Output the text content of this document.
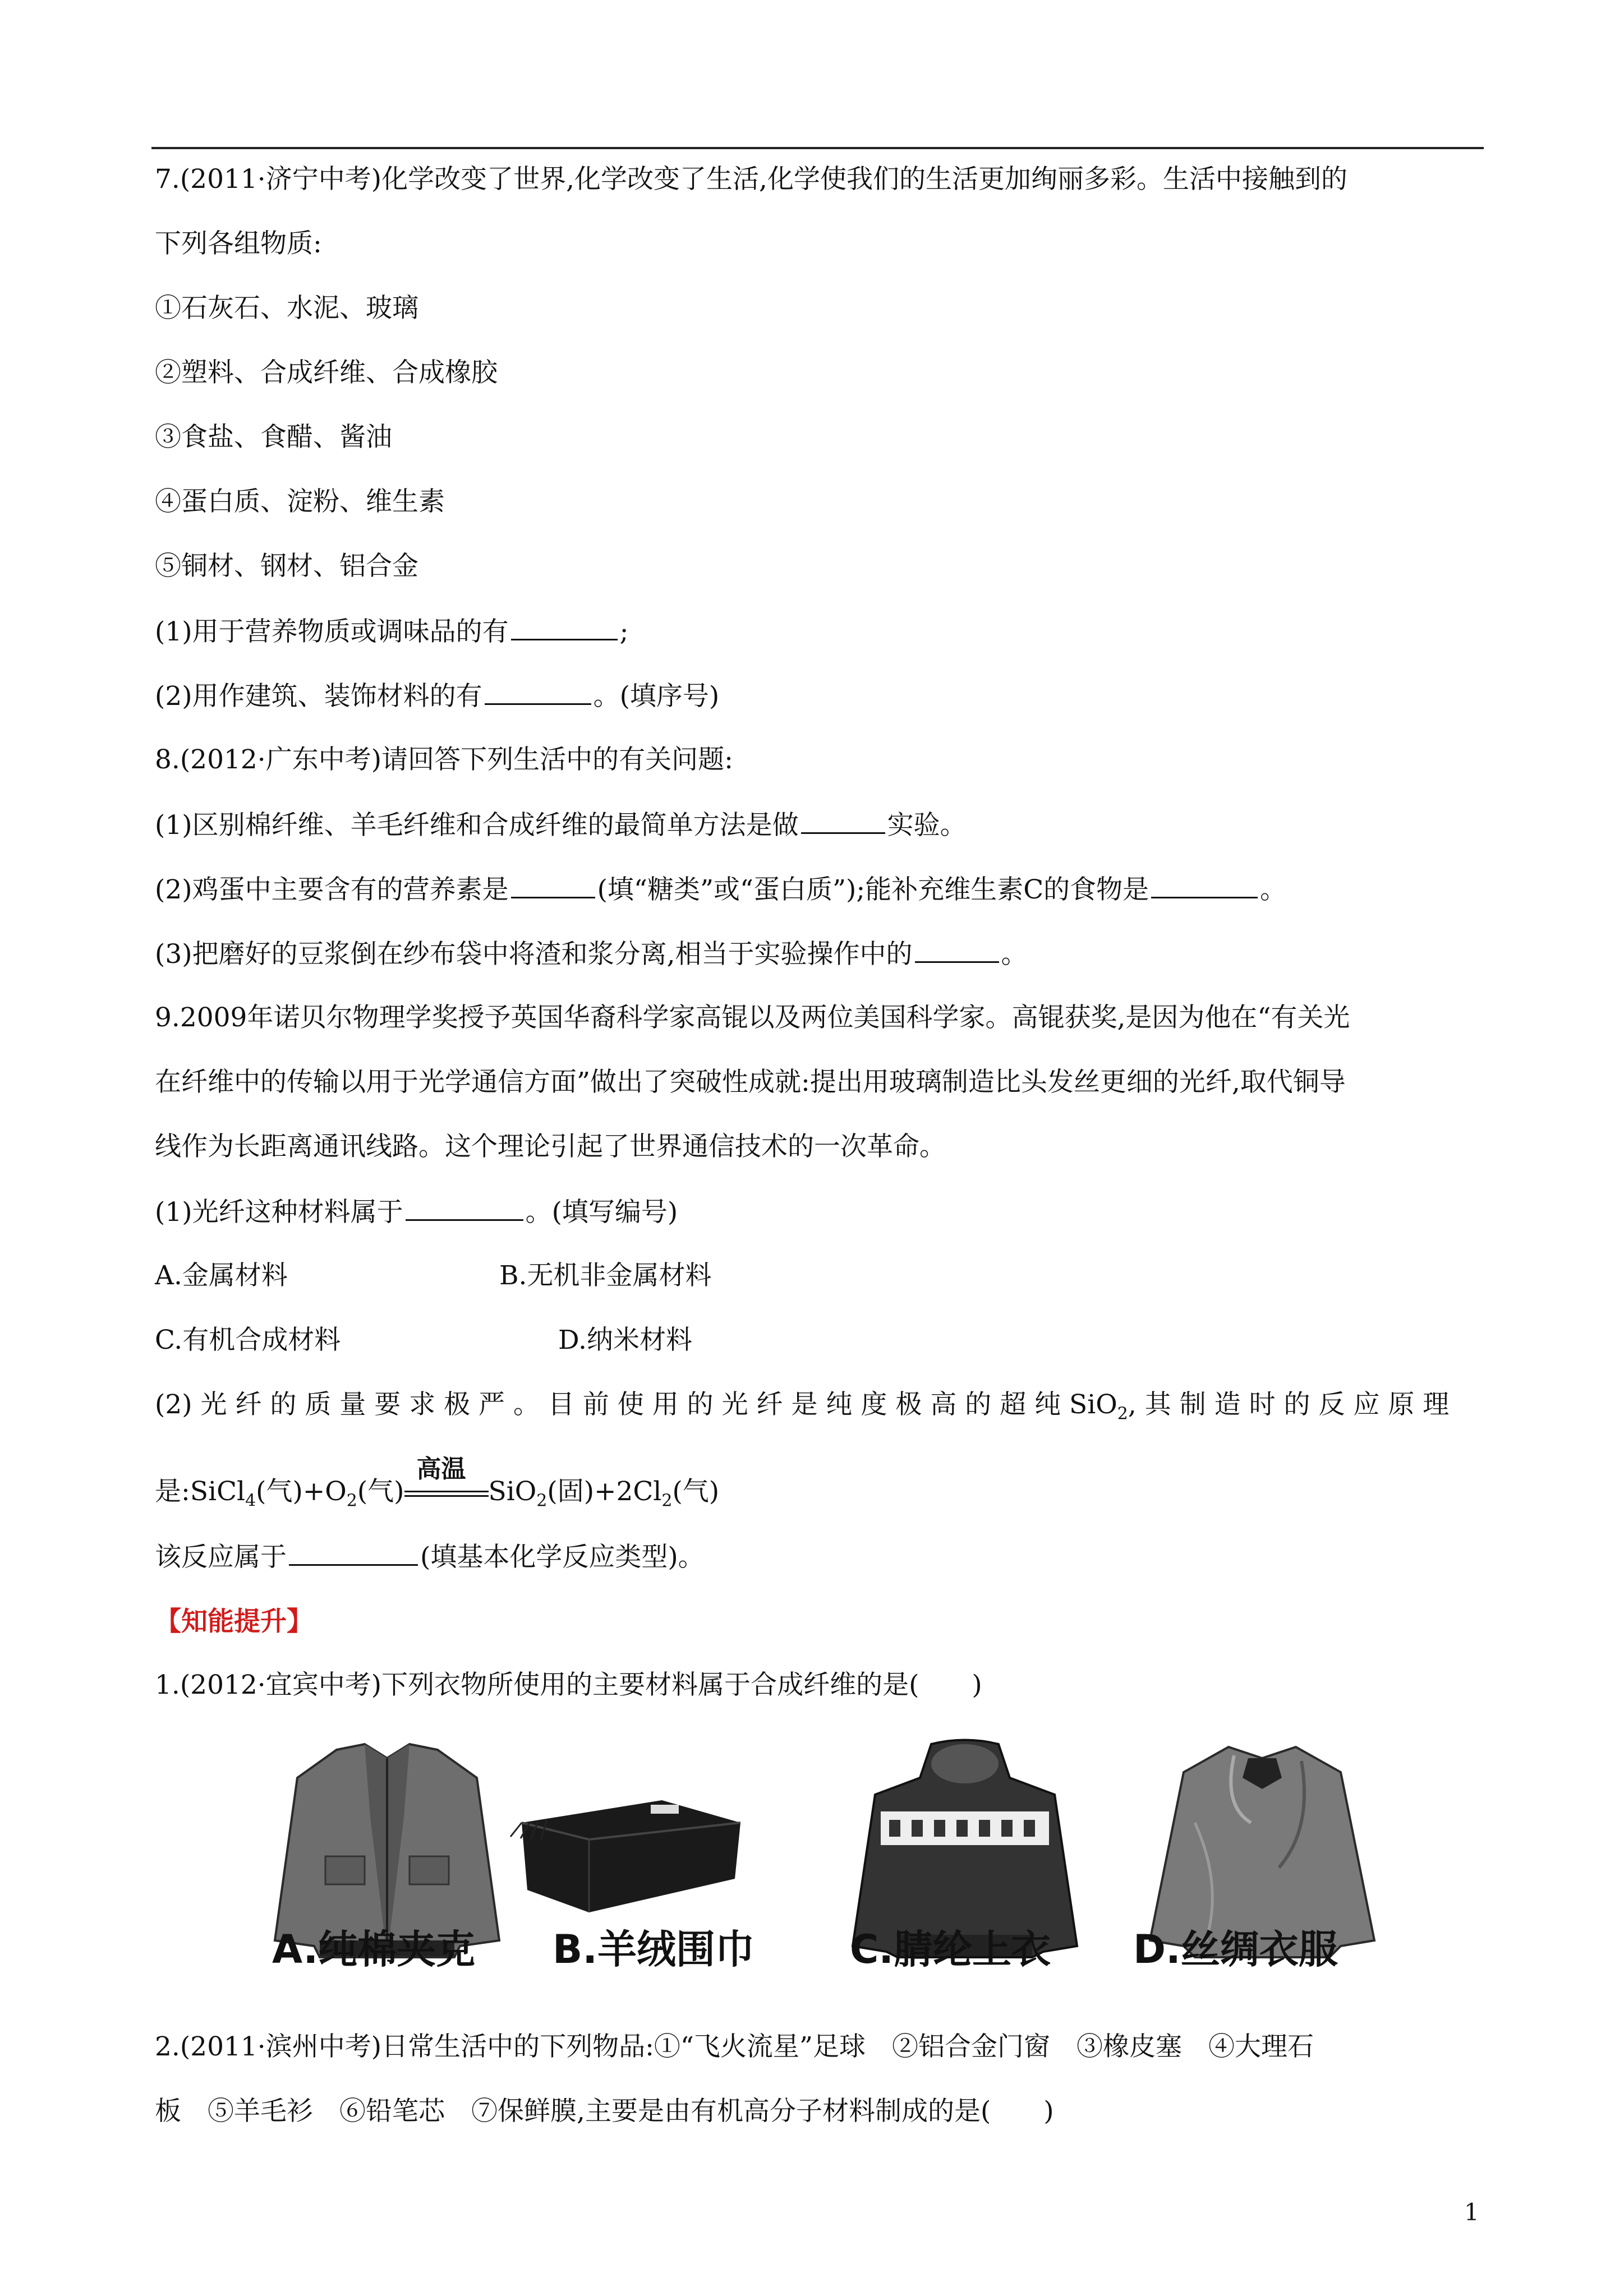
7.(2011·济宁中考)化学改变了世界,化学改变了生活,化学使我们的生活更加绚丽多彩。生活中接触到的
下列各组物质:
①石灰石、水泥、玻璃
②塑料、合成纤维、合成橡胶
③食盐、食醋、酱油
④蛋白质、淀粉、维生素
⑤铜材、钢材、铝合金
(1)用于营养物质或调味品的有	;
(2)用作建筑、装饰材料的有	。(填序号)
8.(2012·广东中考)请回答下列生活中的有关问题:
(1)区别棉纤维、羊毛纤维和合成纤维的最简单方法是做	实验。
(2)鸡蛋中主要含有的营养素是	(填“糖类”或“蛋白质”);能补充维生素C的食物是	。
(3)把磨好的豆浆倒在纱布袋中将渣和浆分离,相当于实验操作中的	。
9.2009年诺贝尔物理学奖授予英国华裔科学家高锟以及两位美国科学家。高锟获奖,是因为他在“有关光
在纤维中的传输以用于光学通信方面”做出了突破性成就:提出用玻璃制造比头发丝更细的光纤,取代铜导
线作为长距离通讯线路。这个理论引起了世界通信技术的一次革命。
(1)光纤这种材料属于	。(填写编号)
A.金属材料	B.无机非金属材料
C.有机合成材料	D.纳米材料
(2) 光 纤 的 质 量 要 求 极 严 。 目 前 使 用 的 光 纤 是 纯 度 极 高 的 超 纯 SiO$_2$, 其 制 造 时 的 反 应 原 理
是:SiCl$_4$(气)$+O_2$(气)
高温
SiO$_2$(固)$+2Cl_2$(气)
该反应属于	(填基本化学反应类型)。
【知能提升】
1.(2012·宜宾中考)下列衣物所使用的主要材料属于合成纤维的是(　　)
A.纯棉夹克 B.羊绒围巾 C.腈纶上衣 D.丝绸衣服
2.(2011·滨州中考)日常生活中的下列物品:①“飞火流星”足球　②铝合金门窗　③橡皮塞　④大理石
板　⑤羊毛衫　⑥铅笔芯　⑦保鲜膜,主要是由有机高分子材料制成的是(　　)
1
